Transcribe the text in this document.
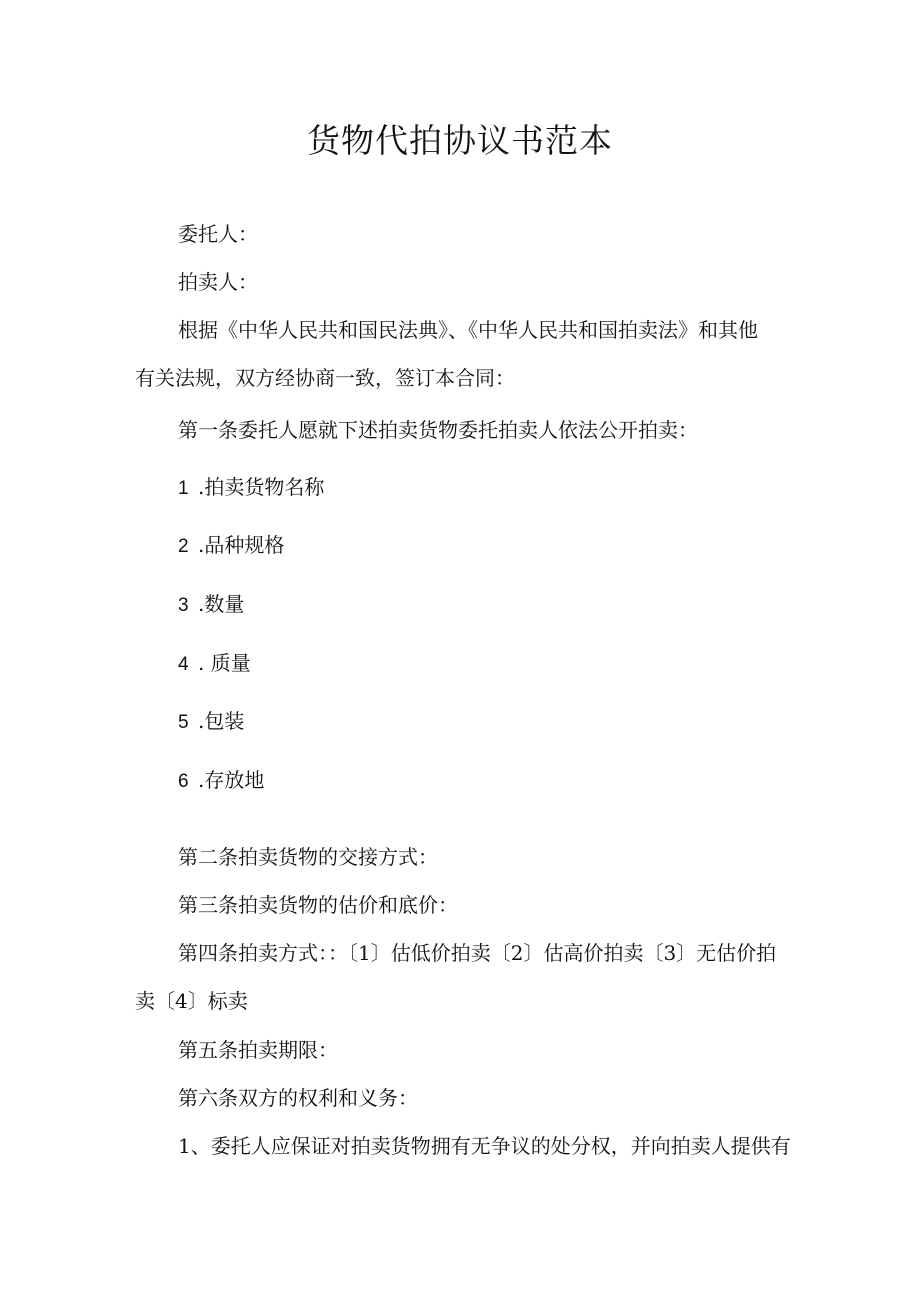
货物代拍协议书范本

委托人：

拍卖人：

根据《中华人民共和国民法典》、《中华人民共和国拍卖法》和其他
有关法规，双方经协商一致，签订本合同：

第一条委托人愿就下述拍卖货物委托拍卖人依法公开拍卖：

1 .拍卖货物名称

2 .品种规格

3 .数量

4 . 质量

5 .包装

6 .存放地

第二条拍卖货物的交接方式：

第三条拍卖货物的估价和底价：

第四条拍卖方式：：〔1〕估低价拍卖〔2〕估高价拍卖〔3〕无估价拍
卖〔4〕标卖

第五条拍卖期限：

第六条双方的权利和义务：

1、委托人应保证对拍卖货物拥有无争议的处分权，并向拍卖人提供有
